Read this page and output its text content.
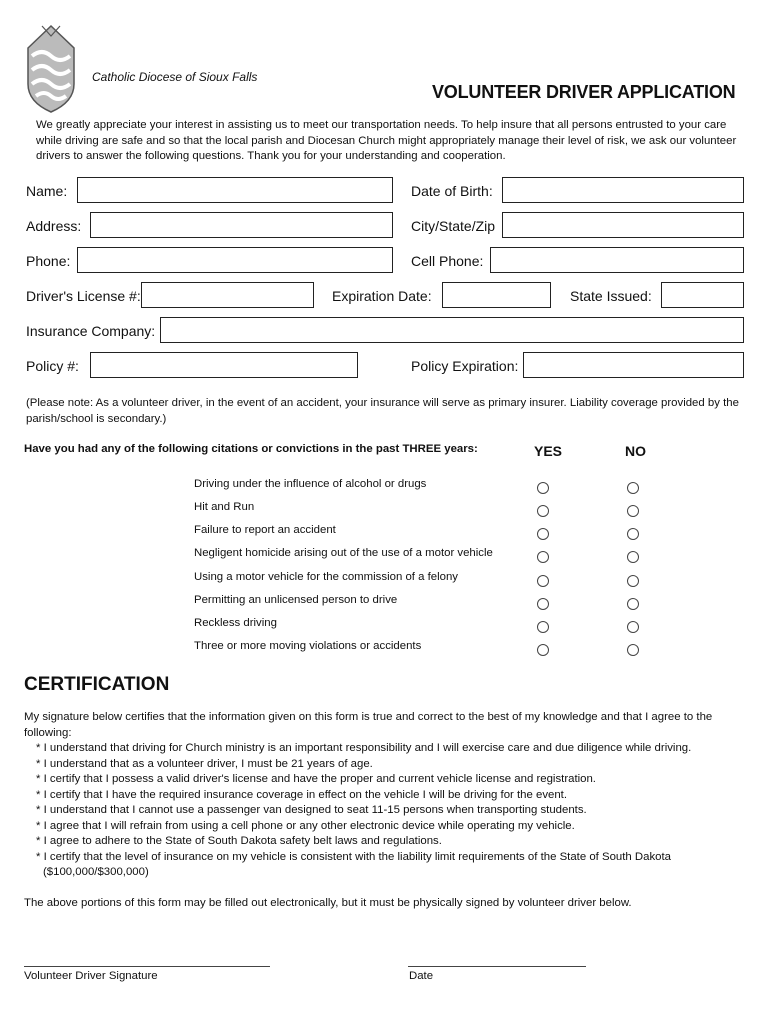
Catholic Diocese of Sioux Falls
VOLUNTEER DRIVER APPLICATION
We greatly appreciate your interest in assisting us to meet our transportation needs. To help insure that all persons entrusted to your care while driving are safe and so that the local parish and Diocesan Church might appropriately manage their level of risk, we ask our volunteer drivers to answer the following questions. Thank you for your understanding and cooperation.
Name:	Date of Birth:
Address:	City/State/Zip
Phone:	Cell Phone:
Driver's License #:	Expiration Date:	State Issued:
Insurance Company:
Policy #:	Policy Expiration:
(Please note: As a volunteer driver, in the event of an accident, your insurance will serve as primary insurer. Liability coverage provided by the parish/school is secondary.)
Have you had any of the following citations or convictions in the past THREE years:	YES	NO
Driving under the influence of alcohol or drugs
Hit and Run
Failure to report an accident
Negligent homicide arising out of the use of a motor vehicle
Using a motor vehicle for the commission of a felony
Permitting an unlicensed person to drive
Reckless driving
Three or more moving violations or accidents
CERTIFICATION
My signature below certifies that the information given on this form is true and correct to the best of my knowledge and that I agree to the following:
* I understand that driving for Church ministry is an important responsibility and I will exercise care and due diligence while driving.
* I understand that as a volunteer driver, I must be 21 years of age.
* I certify that I possess a valid driver's license and have the proper and current vehicle license and registration.
* I certify that I have the required insurance coverage in effect on the vehicle I will be driving for the event.
* I understand that I cannot use a passenger van designed to seat 11-15 persons when transporting students.
* I agree that I will refrain from using a cell phone or any other electronic device while operating my vehicle.
* I agree to adhere to the State of South Dakota safety belt laws and regulations.
* I certify that the level of insurance on my vehicle is consistent with the liability limit requirements of the State of South Dakota
($100,000/$300,000)
The above portions of this form may be filled out electronically, but it must be physically signed by volunteer driver below.
Volunteer Driver Signature	Date
